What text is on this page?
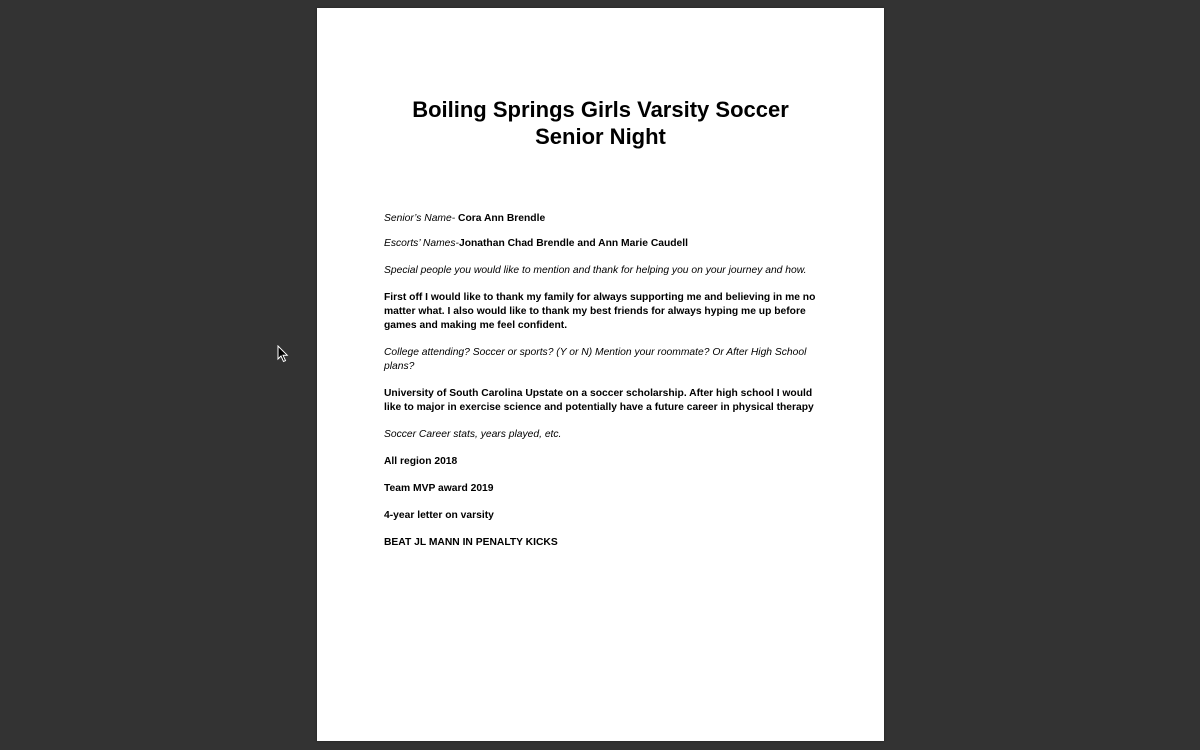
Boiling Springs Girls Varsity Soccer
Senior Night

Senior’s Name- Cora Ann Brendle

Escorts’ Names-Jonathan Chad Brendle and Ann Marie Caudell

Special people you would like to mention and thank for helping you on your journey and how.

First off I would like to thank my family for always supporting me and believing in me no matter what. I also would like to thank my best friends for always hyping me up before games and making me feel confident.

College attending? Soccer or sports? (Y or N) Mention your roommate? Or After High School plans?

University of South Carolina Upstate on a soccer scholarship. After high school I would like to major in exercise science and potentially have a future career in physical therapy

Soccer Career stats, years played, etc.

All region 2018

Team MVP award 2019

4-year letter on varsity

BEAT JL MANN IN PENALTY KICKS
